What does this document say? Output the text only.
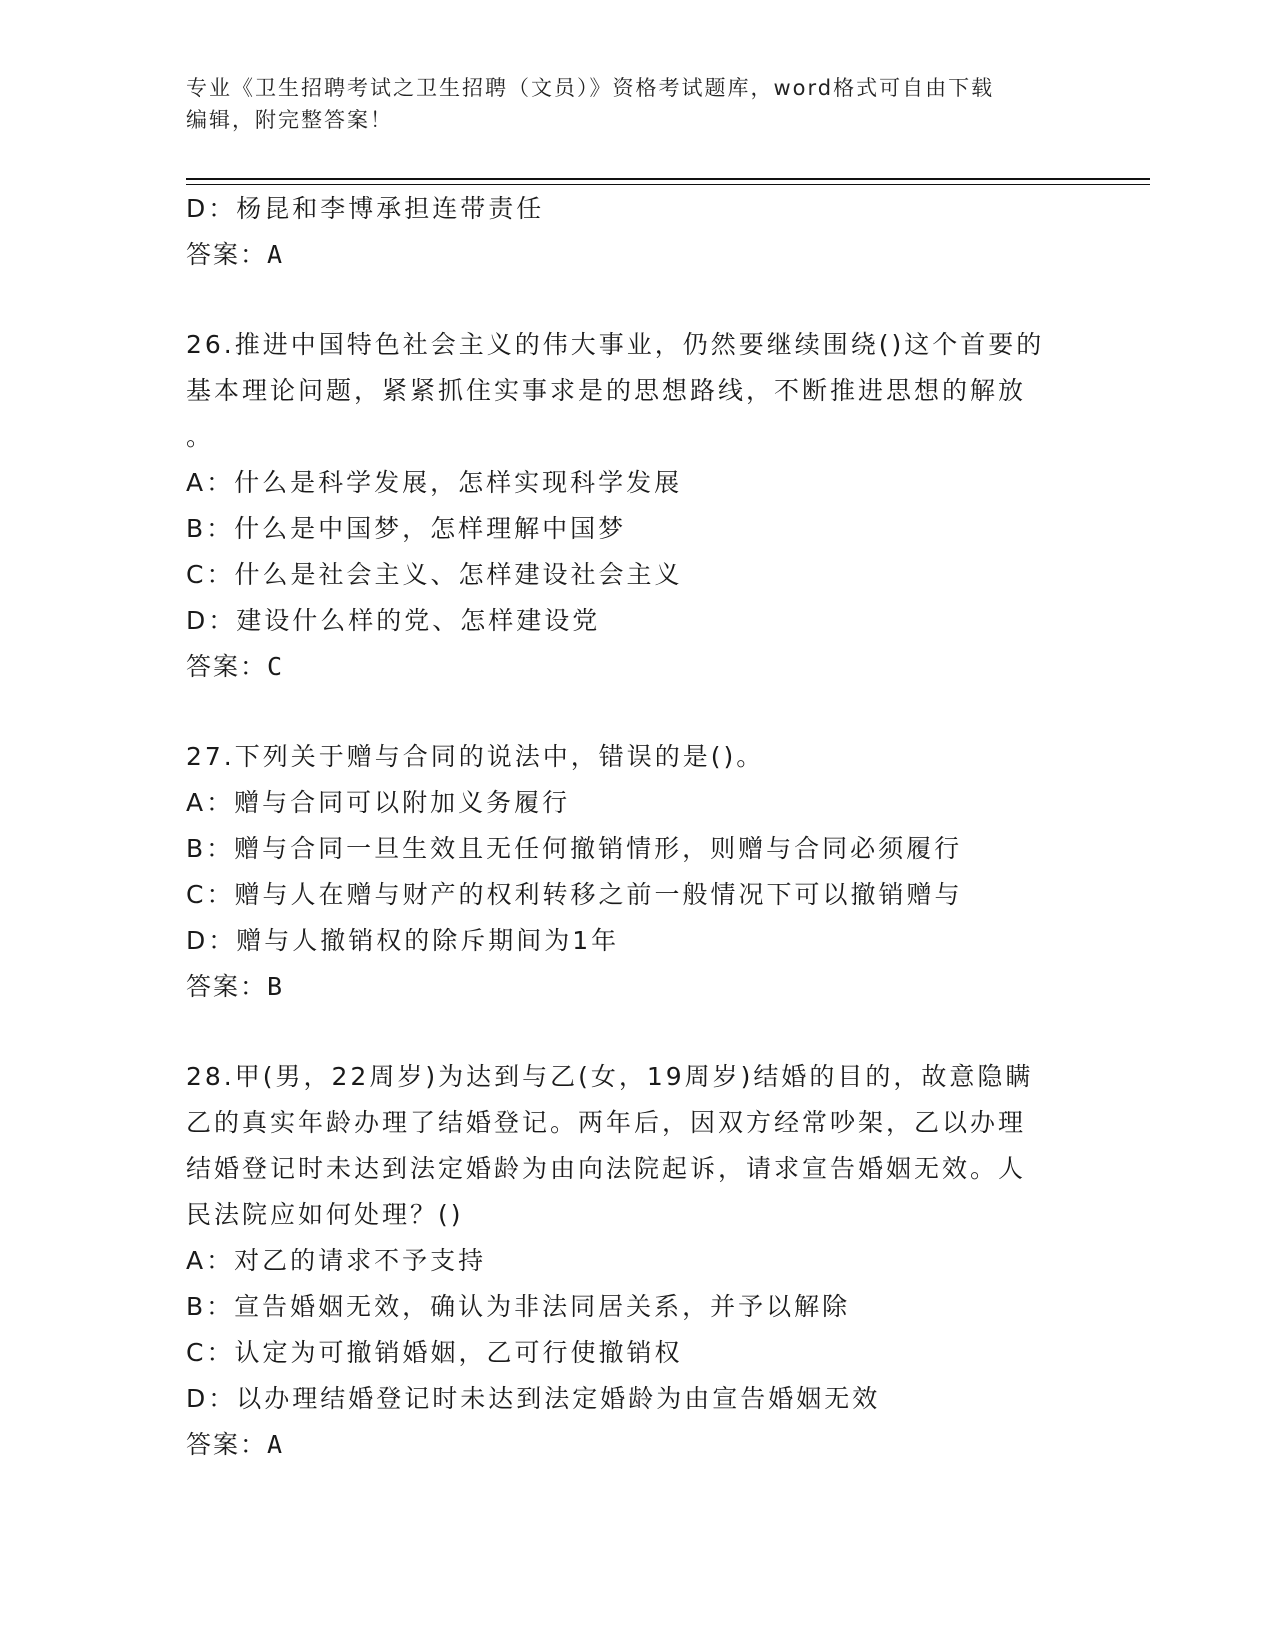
专业《卫生招聘考试之卫生招聘（文员）》资格考试题库，word格式可自由下载
编辑，附完整答案！
D：杨昆和李博承担连带责任
答案：A
26.推进中国特色社会主义的伟大事业，仍然要继续围绕()这个首要的
基本理论问题，紧紧抓住实事求是的思想路线，不断推进思想的解放
。
A：什么是科学发展，怎样实现科学发展
B：什么是中国梦，怎样理解中国梦
C：什么是社会主义、怎样建设社会主义
D：建设什么样的党、怎样建设党
答案：C
27.下列关于赠与合同的说法中，错误的是()。
A：赠与合同可以附加义务履行
B：赠与合同一旦生效且无任何撤销情形，则赠与合同必须履行
C：赠与人在赠与财产的权利转移之前一般情况下可以撤销赠与
D：赠与人撤销权的除斥期间为1年
答案：B
28.甲(男，22周岁)为达到与乙(女，19周岁)结婚的目的，故意隐瞒
乙的真实年龄办理了结婚登记。两年后，因双方经常吵架，乙以办理
结婚登记时未达到法定婚龄为由向法院起诉，请求宣告婚姻无效。人
民法院应如何处理？()
A：对乙的请求不予支持
B：宣告婚姻无效，确认为非法同居关系，并予以解除
C：认定为可撤销婚姻，乙可行使撤销权
D：以办理结婚登记时未达到法定婚龄为由宣告婚姻无效
答案：A
